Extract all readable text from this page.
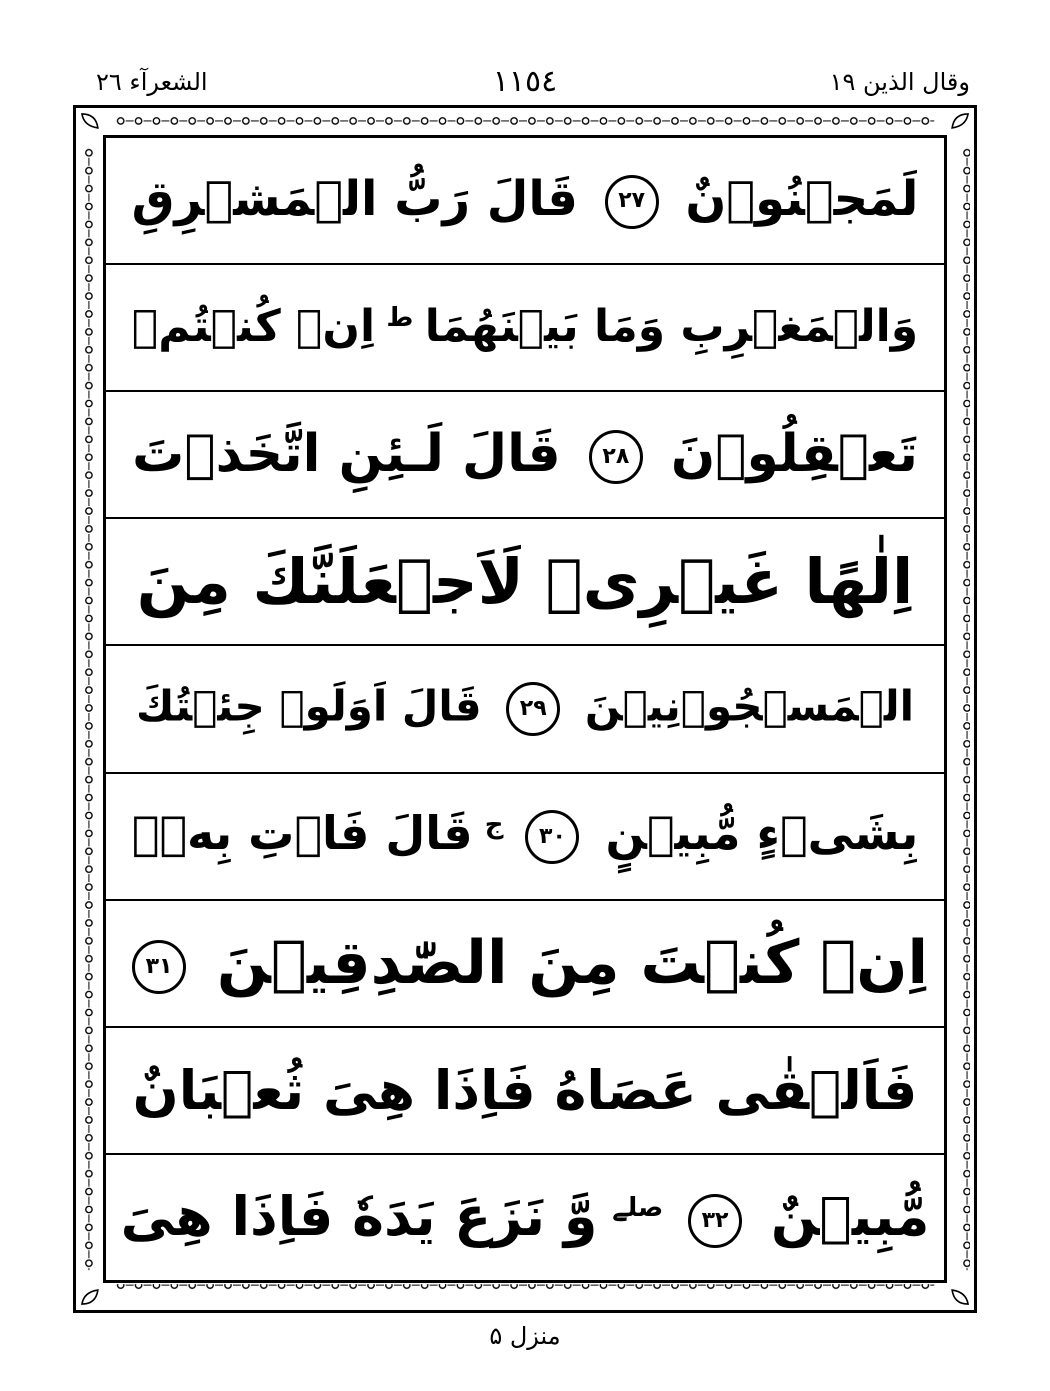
الشعرآء ٢٦	١١٥٤	وقال الذين ١٩
لَمَجۡنُوۡنٌ ٢٧ قَالَ رَبُّ الۡمَشۡرِقِ
وَالۡمَغۡرِبِ وَمَا بَيۡنَهُمَا $^ط$ اِنۡ كُنۡتُمۡ
تَعۡقِلُوۡنَ ٢٨ قَالَ لَـئِنِ اتَّخَذۡتَ
اِلٰهًا غَيۡرِىۡ لَاَجۡعَلَنَّكَ مِنَ
الۡمَسۡجُوۡنِيۡنَ ٢٩ قَالَ اَوَلَوۡ جِئۡتُكَ
بِشَىۡءٍ مُّبِيۡنٍ ٣٠ $^ج$ قَالَ فَاۡتِ بِهٖۤ
اِنۡ كُنۡتَ مِنَ الصّٰدِقِيۡنَ ٣١
فَاَلۡقٰى عَصَاهُ فَاِذَا هِىَ ثُعۡبَانٌ
مُّبِيۡنٌ ٣٢ $^{صلے}$ وَّ نَزَعَ يَدَهٗ فَاِذَا هِىَ
منزل ۵
